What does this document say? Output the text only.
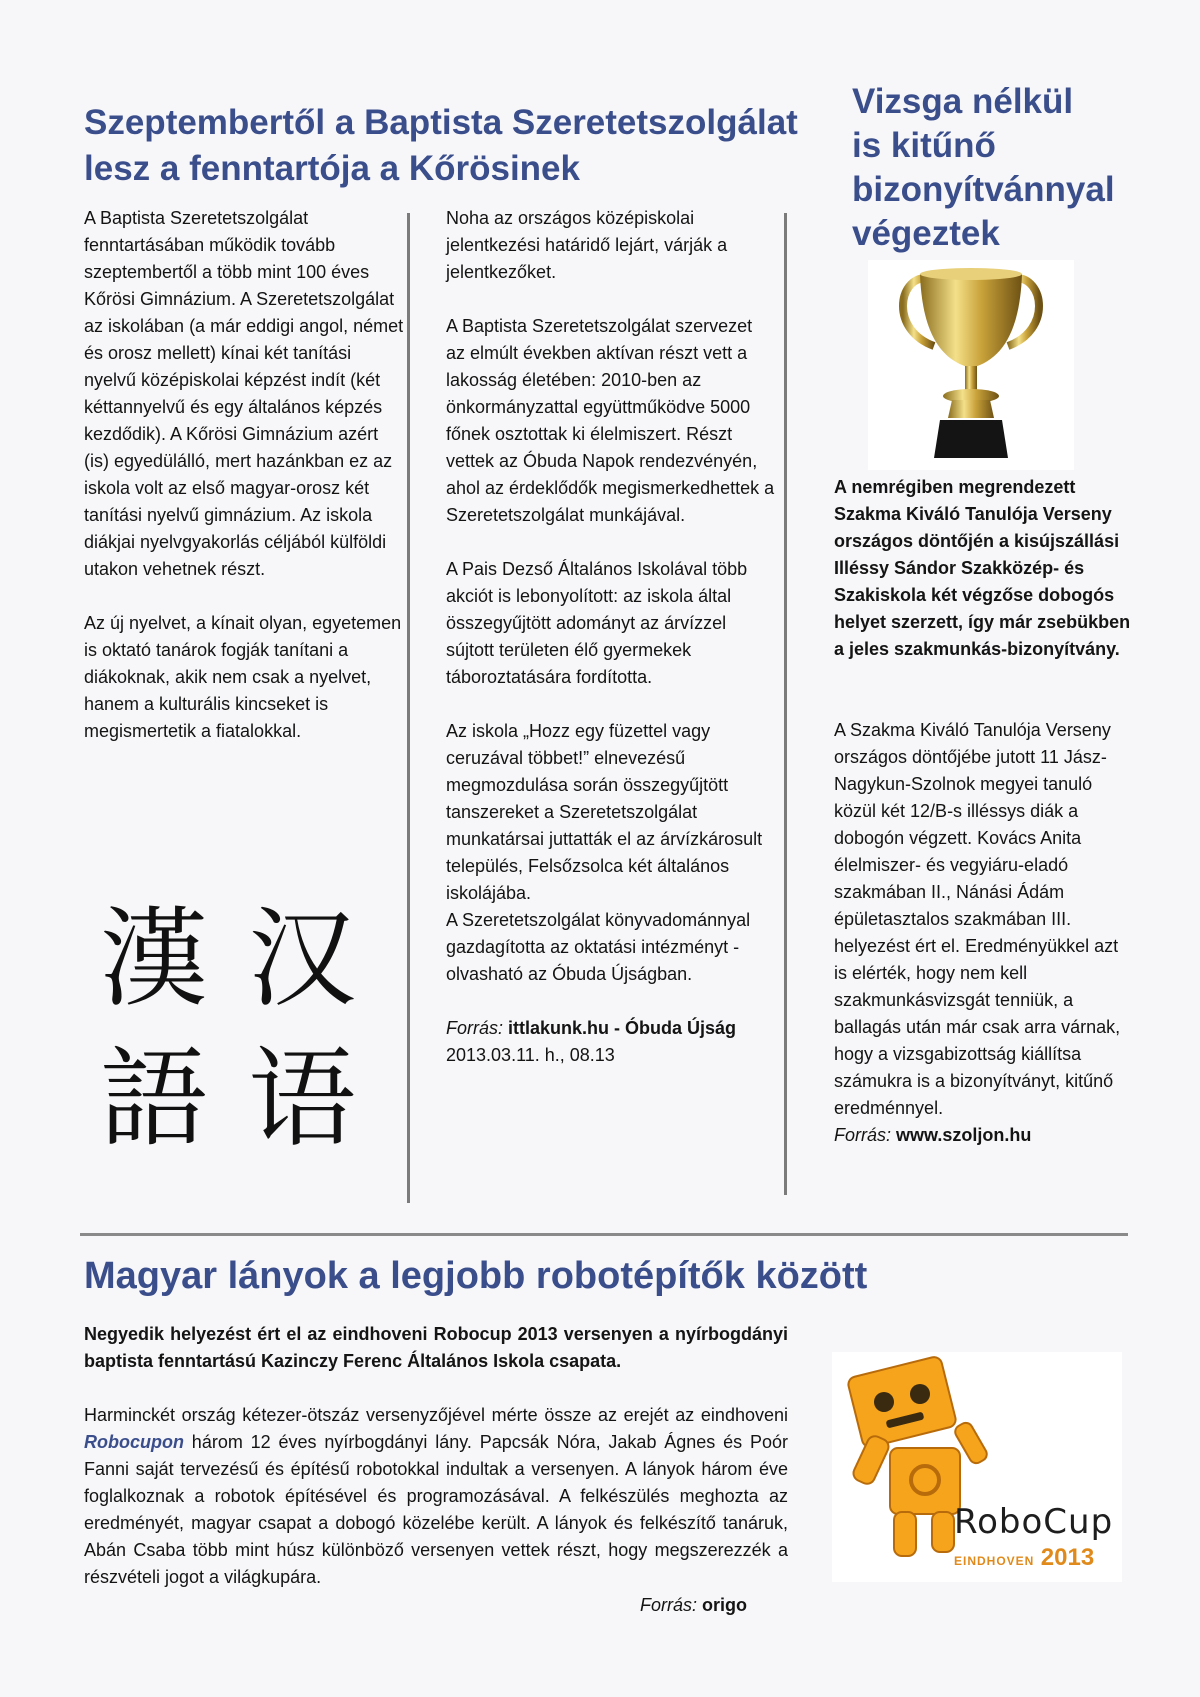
Szeptembertől a Baptista Szeretetszolgálat lesz a fenntartója a Kőrösinek

A Baptista Szeretetszolgálat fenntartásában működik tovább szeptembertől a több mint 100 éves Kőrösi Gimnázium. A Szeretetszolgálat az iskolában (a már eddigi angol, német és orosz mellett) kínai két tanítási nyelvű középiskolai képzést indít (két kéttannyelvű és egy általános képzés kezdődik). A Kőrösi Gimnázium azért (is) egyedülálló, mert hazánkban ez az iskola volt az első magyar-orosz két tanítási nyelvű gimnázium. Az iskola diákjai nyelvgyakorlás céljából külföldi utakon vehetnek részt.

Az új nyelvet, a kínait olyan, egyetemen is oktató tanárok fogják tanítani a diákoknak, akik nem csak a nyelvet, hanem a kulturális kincseket is megismertetik a fiatalokkal.

漢汉
語语

Noha az országos középiskolai jelentkezési határidő lejárt, várják a jelentkezőket.

A Baptista Szeretetszolgálat szervezet az elmúlt években aktívan részt vett a lakosság életében: 2010-ben az önkormányzattal együttműködve 5000 főnek osztottak ki élelmiszert. Részt vettek az Óbuda Napok rendezvényén, ahol az érdeklődők megismerkedhettek a Szeretetszolgálat munkájával.

A Pais Dezső Általános Iskolával több akciót is lebonyolított: az iskola által összegyűjtött adományt az árvízzel sújtott területen élő gyermekek táboroztatására fordította.

Az iskola „Hozz egy füzettel vagy ceruzával többet!” elnevezésű megmozdulása során összegyűjtött tanszereket a Szeretetszolgálat munkatársai juttatták el az árvízkárosult település, Felsőzsolca két általános iskolájába.

A Szeretetszolgálat könyvadománnyal gazdagította az oktatási intézményt - olvasható az Óbuda Újságban.

Forrás: ittlakunk.hu - Óbuda Újság 2013.03.11. h., 08.13
Vizsga nélkül is kitűnő bizonyítvánnyal végeztek
A nemrégiben megrendezett Szakma Kiváló Tanulója Verseny országos döntőjén a kisújszállási Illéssy Sándor Szakközép- és Szakiskola két végzőse dobogós helyet szerzett, így már zsebükben a jeles szakmunkás-bizonyítvány.
A Szakma Kiváló Tanulója Verseny országos döntőjébe jutott 11 Jász-Nagykun-Szolnok megyei tanuló közül két 12/B-s illéssys diák a dobogón végzett. Kovács Anita élelmiszer- és vegyiáru-eladó szakmában II., Nánási Ádám épületasztalos szakmában III. helyezést ért el. Eredményükkel azt is elérték, hogy nem kell szakmunkásvizsgát tenniük, a ballagás után már csak arra várnak, hogy a vizsgabizottság kiállítsa számukra is a bizonyítványt, kitűnő eredménnyel.
Forrás: www.szoljon.hu
Magyar lányok a legjobb robotépítők között
Negyedik helyezést ért el az eindhoveni Robocup 2013 versenyen a nyírbogdányi baptista fenntartású Kazinczy Ferenc Általános Iskola csapata.
Harminckét ország kétezer-ötszáz versenyzőjével mérte össze az erejét az eindhoveni Robocupon három 12 éves nyírbogdányi lány. Papcsák Nóra, Jakab Ágnes és Poór Fanni saját tervezésű és építésű robotokkal indultak a versenyen. A lányok három éve foglalkoznak a robotok építésével és programozásával. A felkészülés meghozta az eredményét, magyar csapat a dobogó közelébe került. A lányok és felkészítő tanáruk, Abán Csaba több mint húsz különböző versenyen vettek részt, hogy megszerezzék a részvételi jogot a világkupára.
Forrás: origo
RoboCup
EINDHOVEN 2013
